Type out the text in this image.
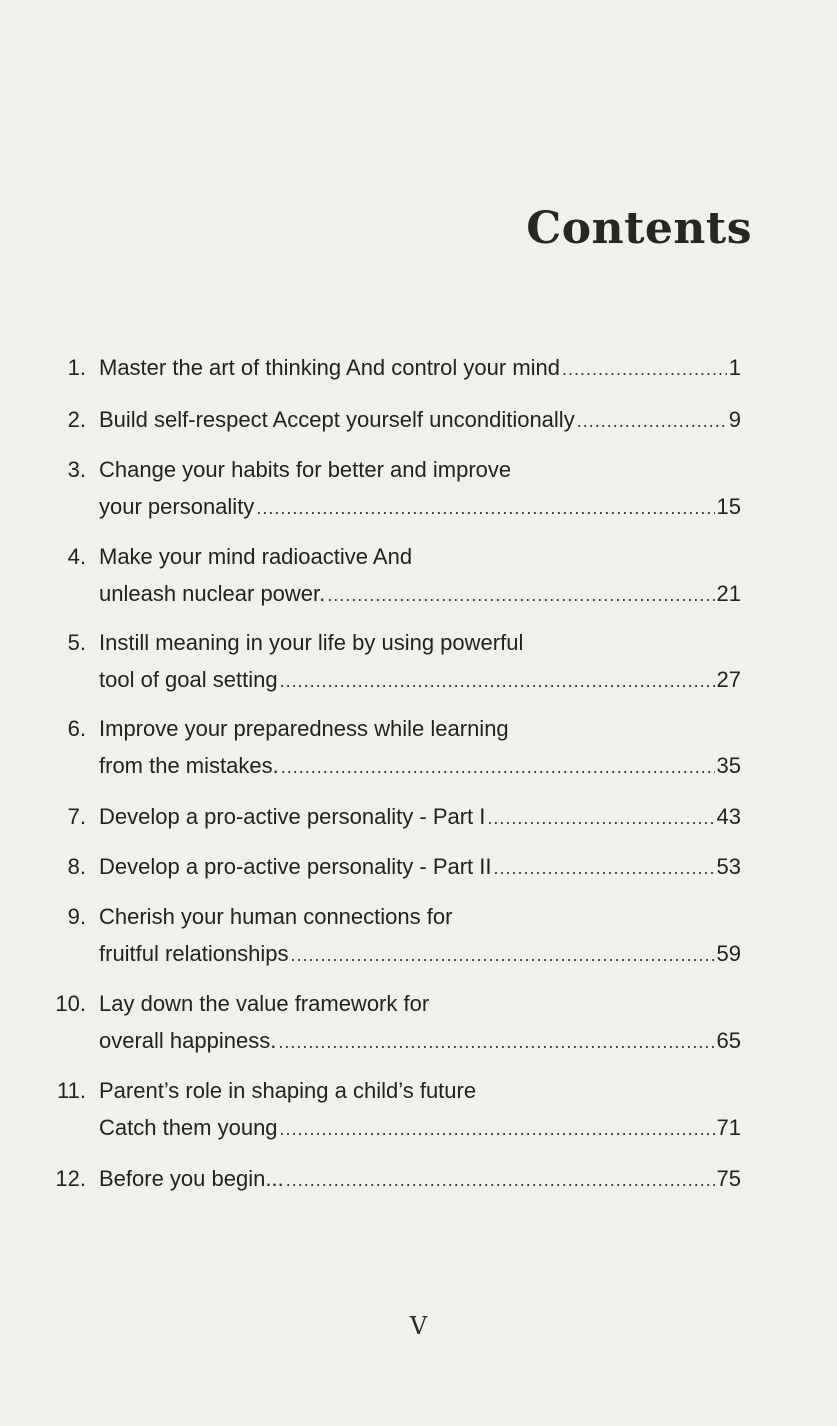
Contents
1. Master the art of thinking And control your mind .....	1
2. Build self-respect Accept yourself unconditionally .....	9
3. Change your habits for better and improve
your personality .....	15
4. Make your mind radioactive And
unleash nuclear power. .....	21
5. Instill meaning in your life by using powerful
tool of goal setting .....	27
6. Improve your preparedness while learning
from the mistakes. .....	35
7. Develop a pro-active personality - Part I .....	43
8. Develop a pro-active personality - Part II .....	53
9. Cherish your human connections for
fruitful relationships .....	59
10. Lay down the value framework for
overall happiness. .....	65
11. Parent’s role in shaping a child’s future
Catch them young .....	71
12. Before you begin... .....	75
V
